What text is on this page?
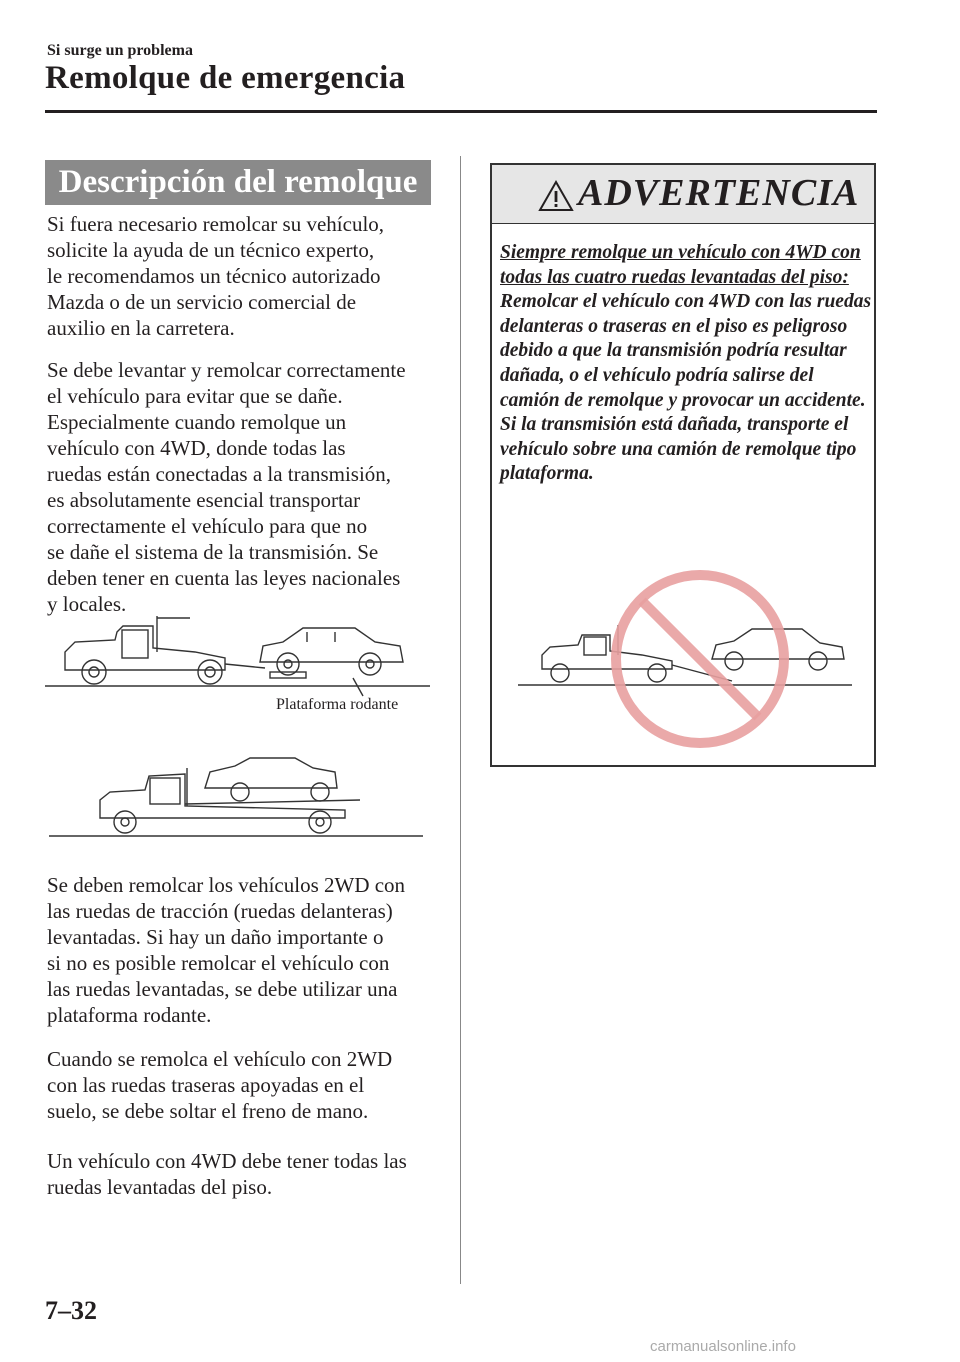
Si surge un problema
Remolque de emergencia
Descripción del remolque

Si fuera necesario remolcar su vehículo,
solicite la ayuda de un técnico experto,
le recomendamos un técnico autorizado
Mazda o de un servicio comercial de
auxilio en la carretera.

Se debe levantar y remolcar correctamente
el vehículo para evitar que se dañe.
Especialmente cuando remolque un
vehículo con 4WD, donde todas las
ruedas están conectadas a la transmisión,
es absolutamente esencial transportar
correctamente el vehículo para que no
se dañe el sistema de la transmisión. Se
deben tener en cuenta las leyes nacionales
y locales.

Plataforma rodante

Se deben remolcar los vehículos 2WD con
las ruedas de tracción (ruedas delanteras)
levantadas. Si hay un daño importante o
si no es posible remolcar el vehículo con
las ruedas levantadas, se debe utilizar una
plataforma rodante.

Cuando se remolca el vehículo con 2WD
con las ruedas traseras apoyadas en el
suelo, se debe soltar el freno de mano.

Un vehículo con 4WD debe tener todas las
ruedas levantadas del piso.

ADVERTENCIA

Siempre remolque un vehículo con 4WD con todas las cuatro ruedas levantadas del piso:
Remolcar el vehículo con 4WD con las ruedas delanteras o traseras en el piso es peligroso debido a que la transmisión podría resultar dañada, o el vehículo podría salirse del camión de remolque y provocar un accidente. Si la transmisión está dañada, transporte el vehículo sobre una camión de remolque tipo plataforma.

7–32
carmanualsonline.info
